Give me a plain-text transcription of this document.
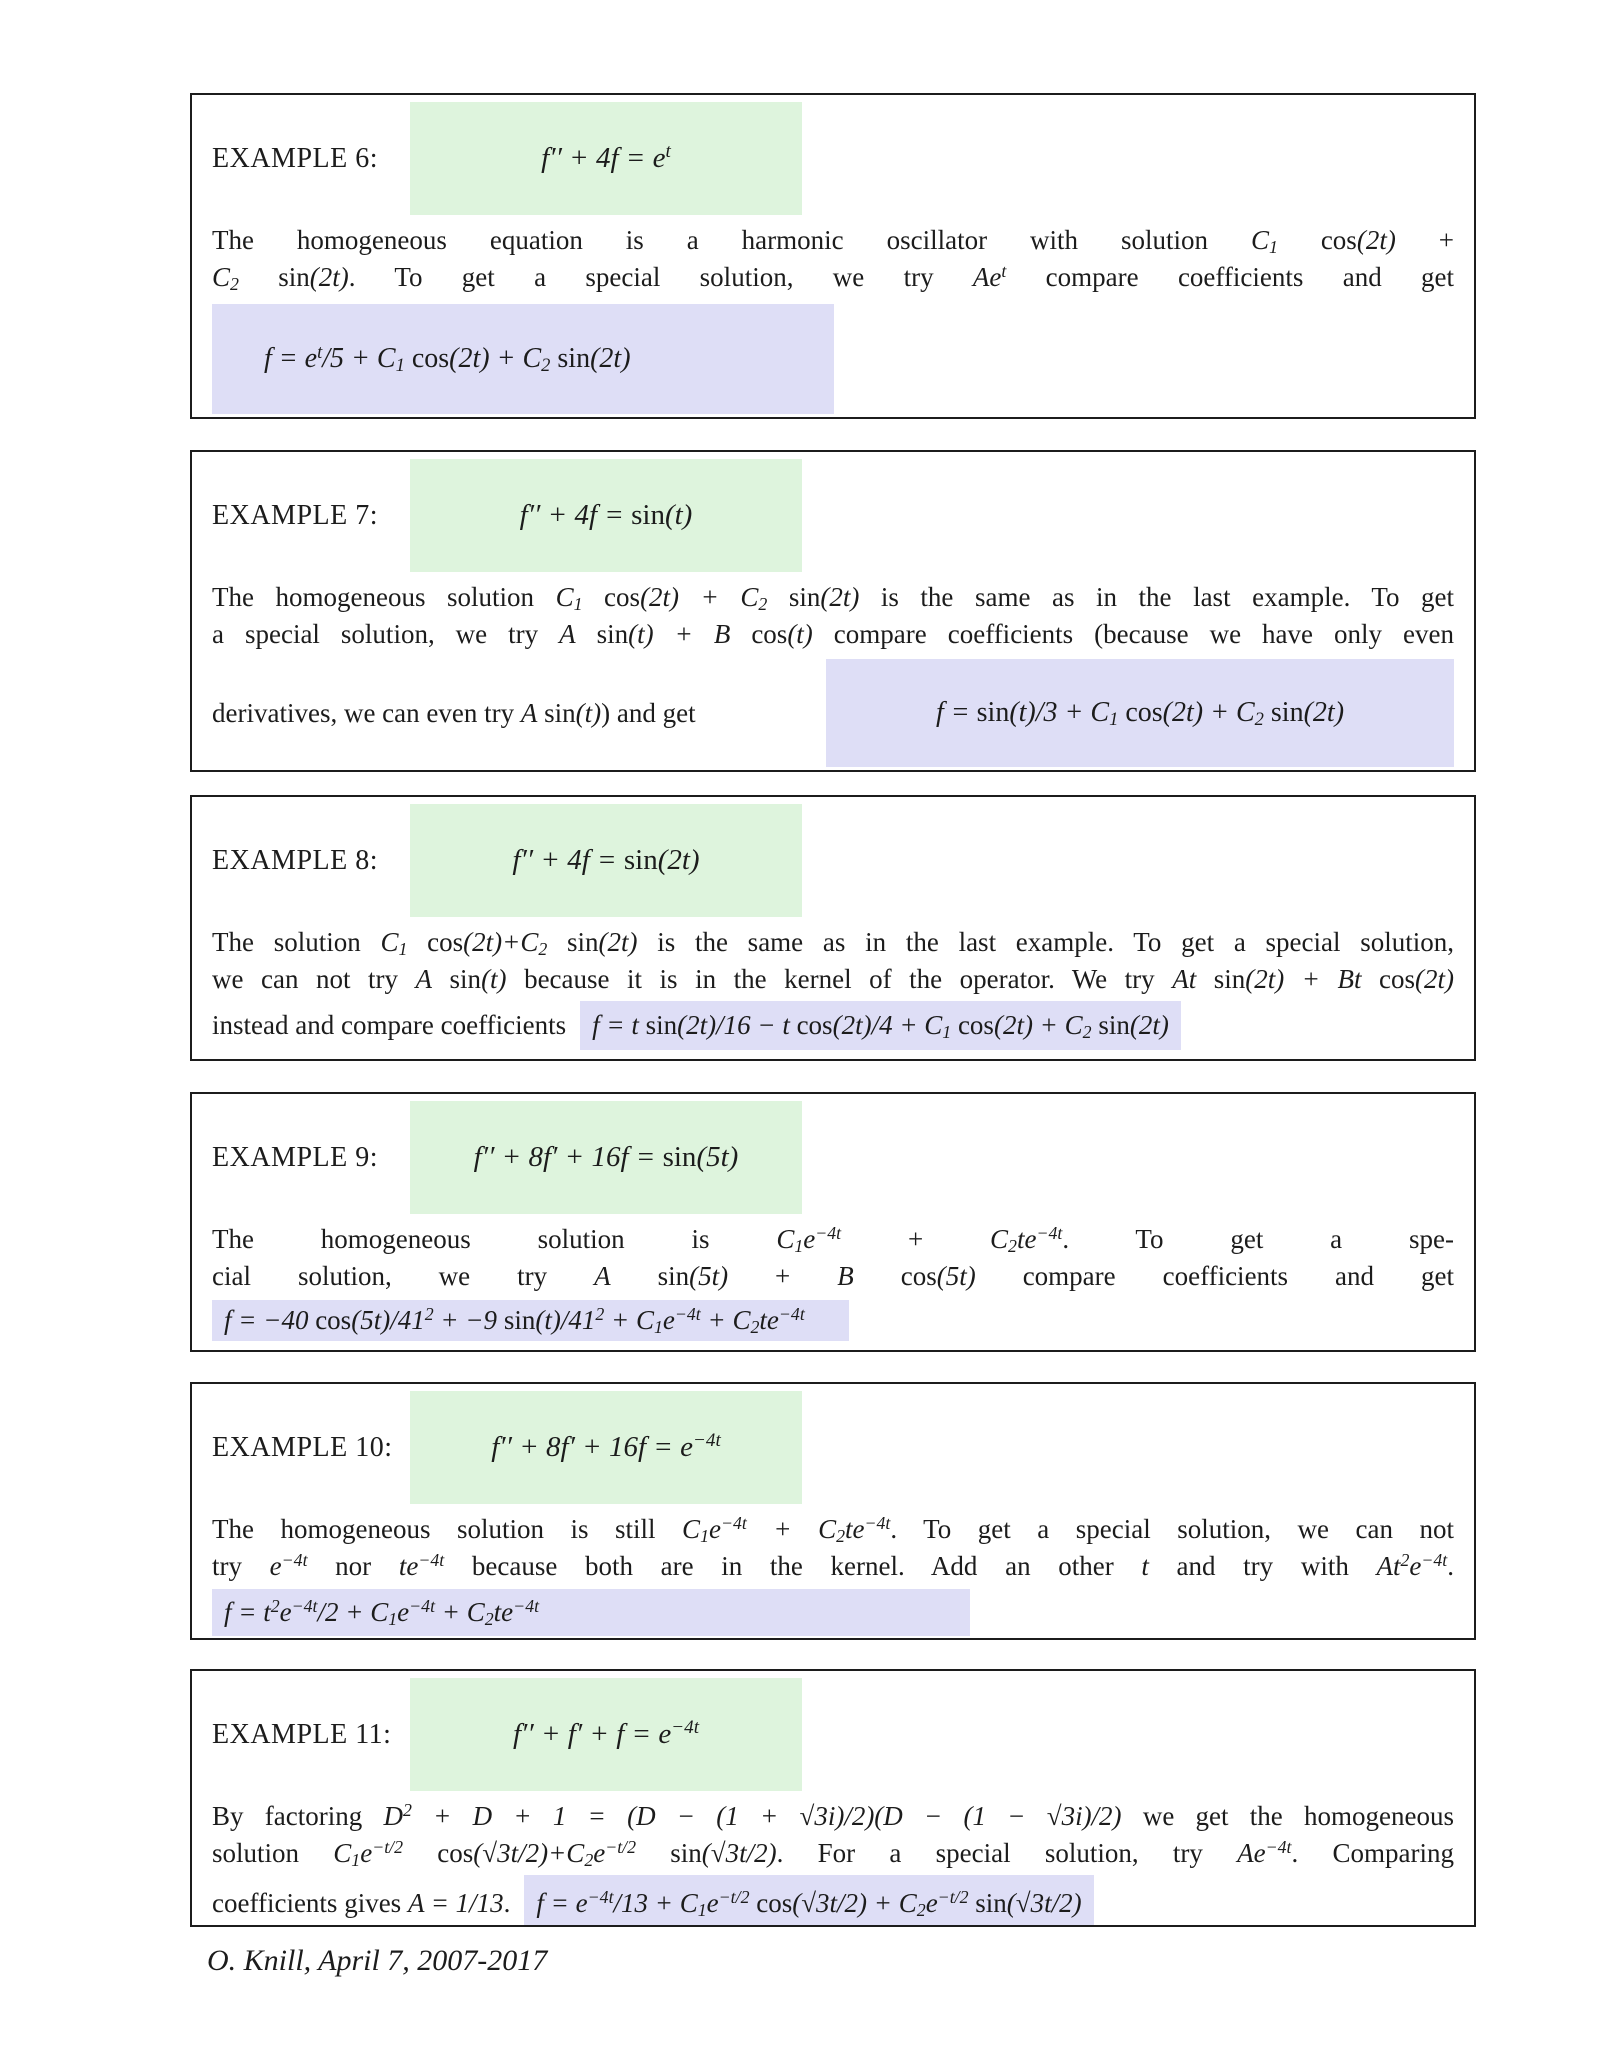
EXAMPLE 6:	$f'' + 4f = e^t$
The homogeneous equation is a harmonic oscillator with solution $C_1$ cos(2t) +
$C_2$ sin(2t). To get a special solution, we try Ae$^t$ compare coefficients and get
$f = e^t/5 + C_1$ $\cos(2t) + C_2$ sin(2t)
EXAMPLE 7:	f′′ + 4f = sin(t)
The homogeneous solution $C_1$ $\cos(2t) + C_2$ sin(2t) is the same as in the last example. To get
a special solution, we try A sin(t) + B cos(t) compare coefficients (because we have only even
derivatives, we can even try A sin(t)) and get	$f = \sin(t)/3 + C_1$ $\cos(2t) + C_2$ sin(2t)
EXAMPLE 8:	f′′ + 4f = sin(2t)
The solution $C_1$ $\cos(2t)+C_2$ sin(2t) is the same as in the last example. To get a special solution,
we can not try A sin(t) because it is in the kernel of the operator. We try At sin(2t) + Bt cos(2t)
instead and compare coefficients f = t sin(2t)/16 − t $\cos(2t)/4 + C_1$ $\cos(2t) + C_2$ sin(2t)
EXAMPLE 9:	f′′ + 8f′ + 16f = sin(5t)
The homogeneous solution is $C_1e^{-4t} + C_2te^{-4t}$. To get a spe-
cial solution, we try A sin(5t) + B cos(5t) compare coefficients and get
f = −40 $\cos(5t)/41^2 + -9$ $\sin(t)/41^2 + C_1e^{-4t} + C_2te^{-4t}$
EXAMPLE 10:	$f'' + 8f' + 16f = e^{-4t}$
The homogeneous solution is still $C_1e^{-4t} + C_2te^{-4t}$. To get a special solution, we can not
try $e^{-4t}$ nor $te^{-4t}$ because both are in the kernel. Add an other t and try with $At^2e^{-4t}$.
$f = t^2e^{-4t}/2 + C_1e^{-4t} + C_2te^{-4t}$
EXAMPLE 11:	$f'' + f' + f = e^{-4t}$
By factoring $D^2 + D + 1 = (D - (1 + √3i)/2)(D - (1 - √3i)/2)$ we get the homogeneous
solution $C_1e^{-t/2}$ $\cos(√3t/2)+C_2e^{-t/2}$ sin(√3t/2). For a special solution, try $Ae^{-4t}$. Comparing
coefficients gives A = 1/13. $f = e^{-4t}/13 + C_1e^{-t/2}$ $\cos(√3t/2) + C_2e^{-t/2}$ sin(√3t/2)
O. Knill, April 7, 2007-2017
